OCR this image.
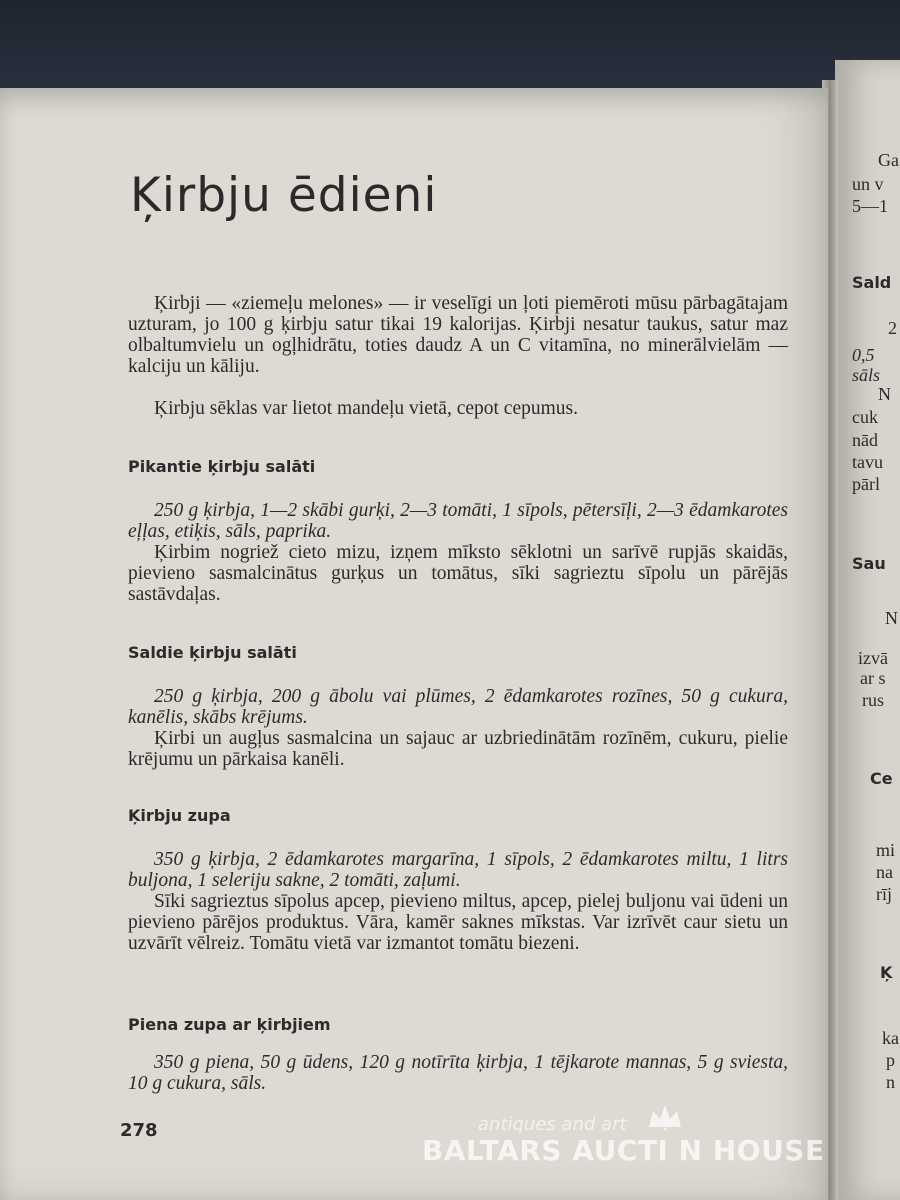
Ķirbju ēdieni
Ķirbji — «ziemeļu melones» — ir veselīgi un ļoti piemēroti mūsu pārbagātajam uzturam, jo 100 g ķirbju satur tikai 19 kalorijas. Ķirbji nesatur taukus, satur maz olbaltumvielu un ogļhidrātu, toties daudz A un C vitamīna, no minerālvielām — kalciju un kāliju.
Ķirbju sēklas var lietot mandeļu vietā, cepot cepumus.
Pikantie ķirbju salāti
250 g ķirbja, 1—2 skābi gurķi, 2—3 tomāti, 1 sīpols, pētersīļi, 2—3 ēdamkarotes eļļas, etiķis, sāls, paprika.
Ķirbim nogriež cieto mizu, izņem mīksto sēklotni un sarīvē rupjās skaidās, pievieno sasmalcinātus gurķus un tomātus, sīki sagrieztu sīpolu un pārējās sastāvdaļas.
Saldie ķirbju salāti
250 g ķirbja, 200 g ābolu vai plūmes, 2 ēdamkarotes rozīnes, 50 g cukura, kanēlis, skābs krējums.
Ķirbi un augļus sasmalcina un sajauc ar uzbriedinātām rozīnēm, cukuru, pielie krējumu un pārkaisa kanēli.
Ķirbju zupa
350 g ķirbja, 2 ēdamkarotes margarīna, 1 sīpols, 2 ēdamkarotes miltu, 1 litrs buljona, 1 seleriju sakne, 2 tomāti, zaļumi.
Sīki sagrieztus sīpolus apcep, pievieno miltus, apcep, pielej buljonu vai ūdeni un pievieno pārējos produktus. Vāra, kamēr saknes mīkstas. Var izrīvēt caur sietu un uzvārīt vēlreiz. Tomātu vietā var izmantot tomātu biezeni.
Piena zupa ar ķirbjiem
350 g piena, 50 g ūdens, 120 g notīrīta ķirbja, 1 tējkarote mannas, 5 g sviesta, 10 g cukura, sāls.
278	antiques and art
BALTARS AUCTI N HOUSE
Ga
un v
5—1
Sald
2
0,5
sāls
N
cuk
nād
tavu
pārl
Sau
N
izvā
ar s
rus
Ce
mi
na
rīj
Ķ
ka
p
n
